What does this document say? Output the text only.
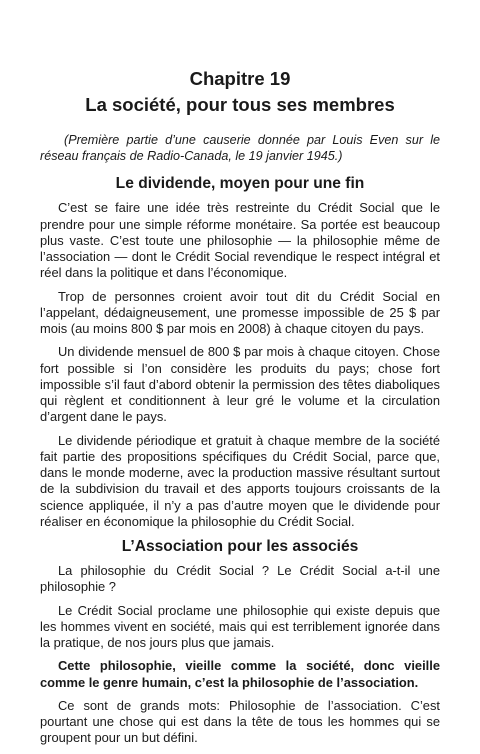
Chapitre 19
La société, pour tous ses membres

(Première partie d’une causerie donnée par Louis Even sur le réseau français de Radio-Canada, le 19 janvier 1945.)

Le dividende, moyen pour une fin

C’est se faire une idée très restreinte du Crédit Social que le prendre pour une simple réforme monétaire. Sa portée est beaucoup plus vaste. C’est toute une philosophie — la philosophie même de l’association — dont le Crédit Social revendique le respect intégral et réel dans la politique et dans l’économique.

Trop de personnes croient avoir tout dit du Crédit Social en l’appelant, dédaigneusement, une promesse impossible de 25 $ par mois (au moins 800 $ par mois en 2008) à chaque citoyen du pays.

Un dividende mensuel de 800 $ par mois à chaque citoyen. Chose fort possible si l’on considère les produits du pays; chose fort impossible s’il faut d’abord obtenir la permission des têtes diaboliques qui règlent et conditionnent à leur gré le volume et la circulation d’argent dane le pays.

Le dividende périodique et gratuit à chaque membre de la société fait partie des propositions spécifiques du Crédit Social, parce que, dans le monde moderne, avec la production massive résultant surtout de la subdivision du travail et des apports toujours croissants de la science appliquée, il n’y a pas d’autre moyen que le dividende pour réaliser en économique la philosophie du Crédit Social.

L’Association pour les associés

La philosophie du Crédit Social ? Le Crédit Social a-t-il une philosophie ?

Le Crédit Social proclame une philosophie qui existe depuis que les hommes vivent en société, mais qui est terriblement ignorée dans la pratique, de nos jours plus que jamais.

Cette philosophie, vieille comme la société, donc vieille comme le genre humain, c’est la philosophie de l’association.

Ce sont de grands mots: Philosophie de l’association. C’est pourtant une chose qui est dans la tête de tous les hommes qui se groupent pour un but défini.
